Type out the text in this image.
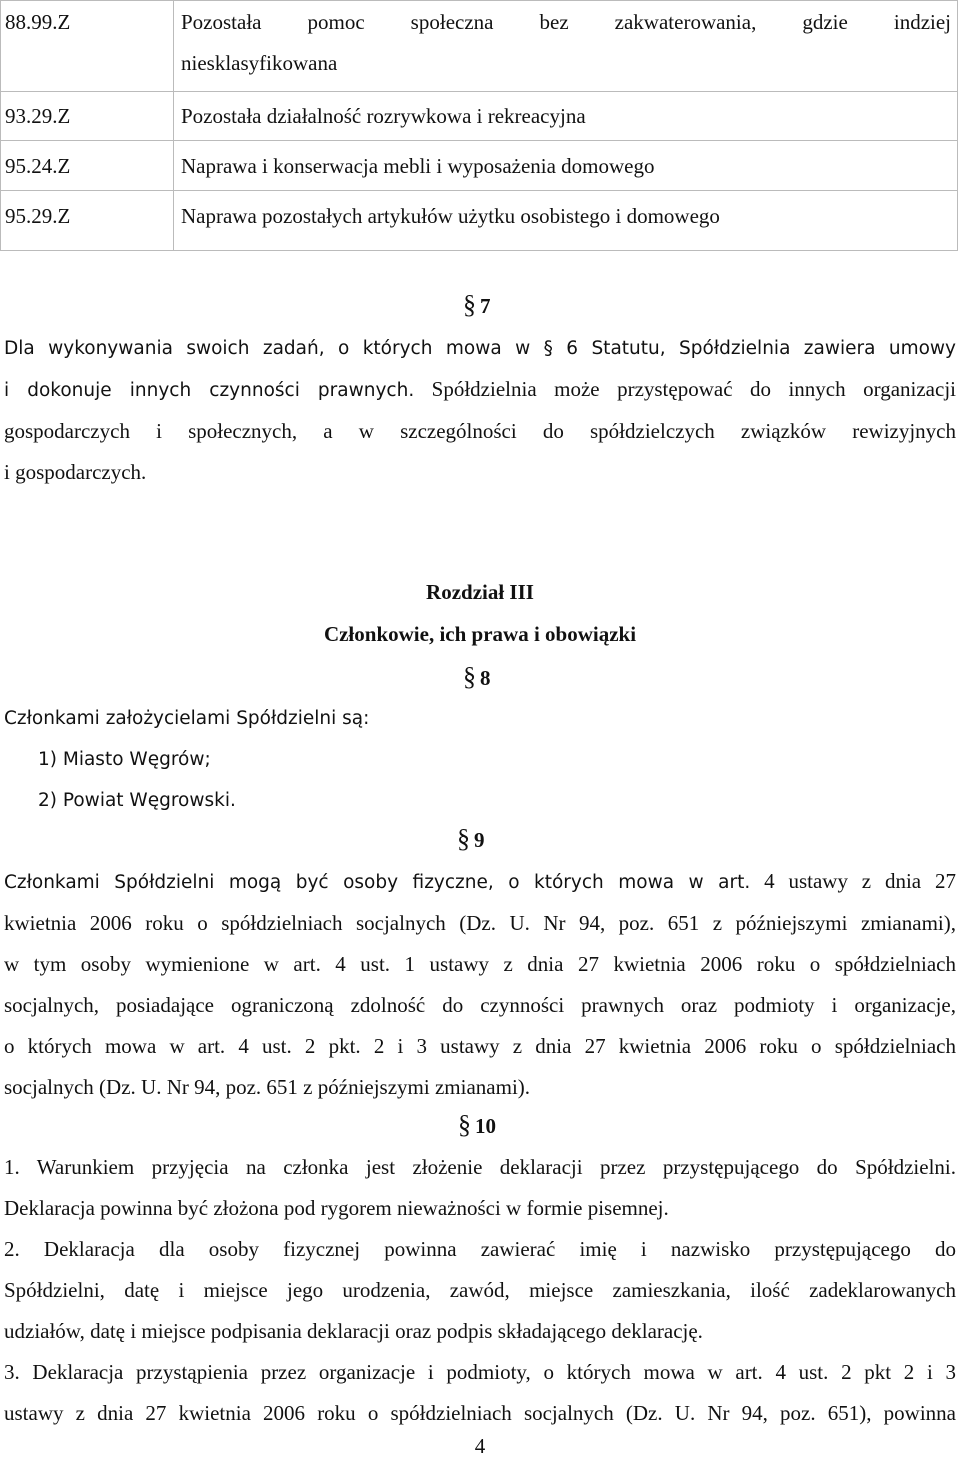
88.99.Z	Pozostała pomoc społeczna bez zakwaterowania, gdzie indziej
niesklasyfikowana

93.29.Z	Pozostała działalność rozrywkowa i rekreacyjna
95.24.Z	Naprawa i konserwacja mebli i wyposażenia domowego
95.29.Z	Naprawa pozostałych artykułów użytku osobistego i domowego
§ 7
Dla wykonywania swoich zadań, o których mowa w § 6 Statutu, Spółdzielnia zawiera umowy
i dokonuje innych czynności prawnych. Spółdzielnia może przystępować do innych organizacji
gospodarczych i społecznych, a w szczególności do spółdzielczych związków rewizyjnych
i gospodarczych.
Rozdział III
Członkowie, ich prawa i obowiązki
§ 8
Członkami założycielami Spółdzielni są:
1) Miasto Węgrów;
2) Powiat Węgrowski.
§ 9
Członkami Spółdzielni mogą być osoby fizyczne, o których mowa w art. 4 ustawy z dnia 27
kwietnia 2006 roku o spółdzielniach socjalnych (Dz. U. Nr 94, poz. 651 z późniejszymi zmianami),
w tym osoby wymienione w art. 4 ust. 1 ustawy z dnia 27 kwietnia 2006 roku o spółdzielniach
socjalnych, posiadające ograniczoną zdolność do czynności prawnych oraz podmioty i organizacje,
o których mowa w art. 4 ust. 2 pkt. 2 i 3 ustawy z dnia 27 kwietnia 2006 roku o spółdzielniach
socjalnych (Dz. U. Nr 94, poz. 651 z późniejszymi zmianami).
§ 10
1. Warunkiem przyjęcia na członka jest złożenie deklaracji przez przystępującego do Spółdzielni.
Deklaracja powinna być złożona pod rygorem nieważności w formie pisemnej.
2. Deklaracja dla osoby fizycznej powinna zawierać imię i nazwisko przystępującego do
Spółdzielni, datę i miejsce jego urodzenia, zawód, miejsce zamieszkania, ilość zadeklarowanych
udziałów, datę i miejsce podpisania deklaracji oraz podpis składającego deklarację.
3. Deklaracja przystąpienia przez organizacje i podmioty, o których mowa w art. 4 ust. 2 pkt 2 i 3
ustawy z dnia 27 kwietnia 2006 roku o spółdzielniach socjalnych (Dz. U. Nr 94, poz. 651), powinna
4
